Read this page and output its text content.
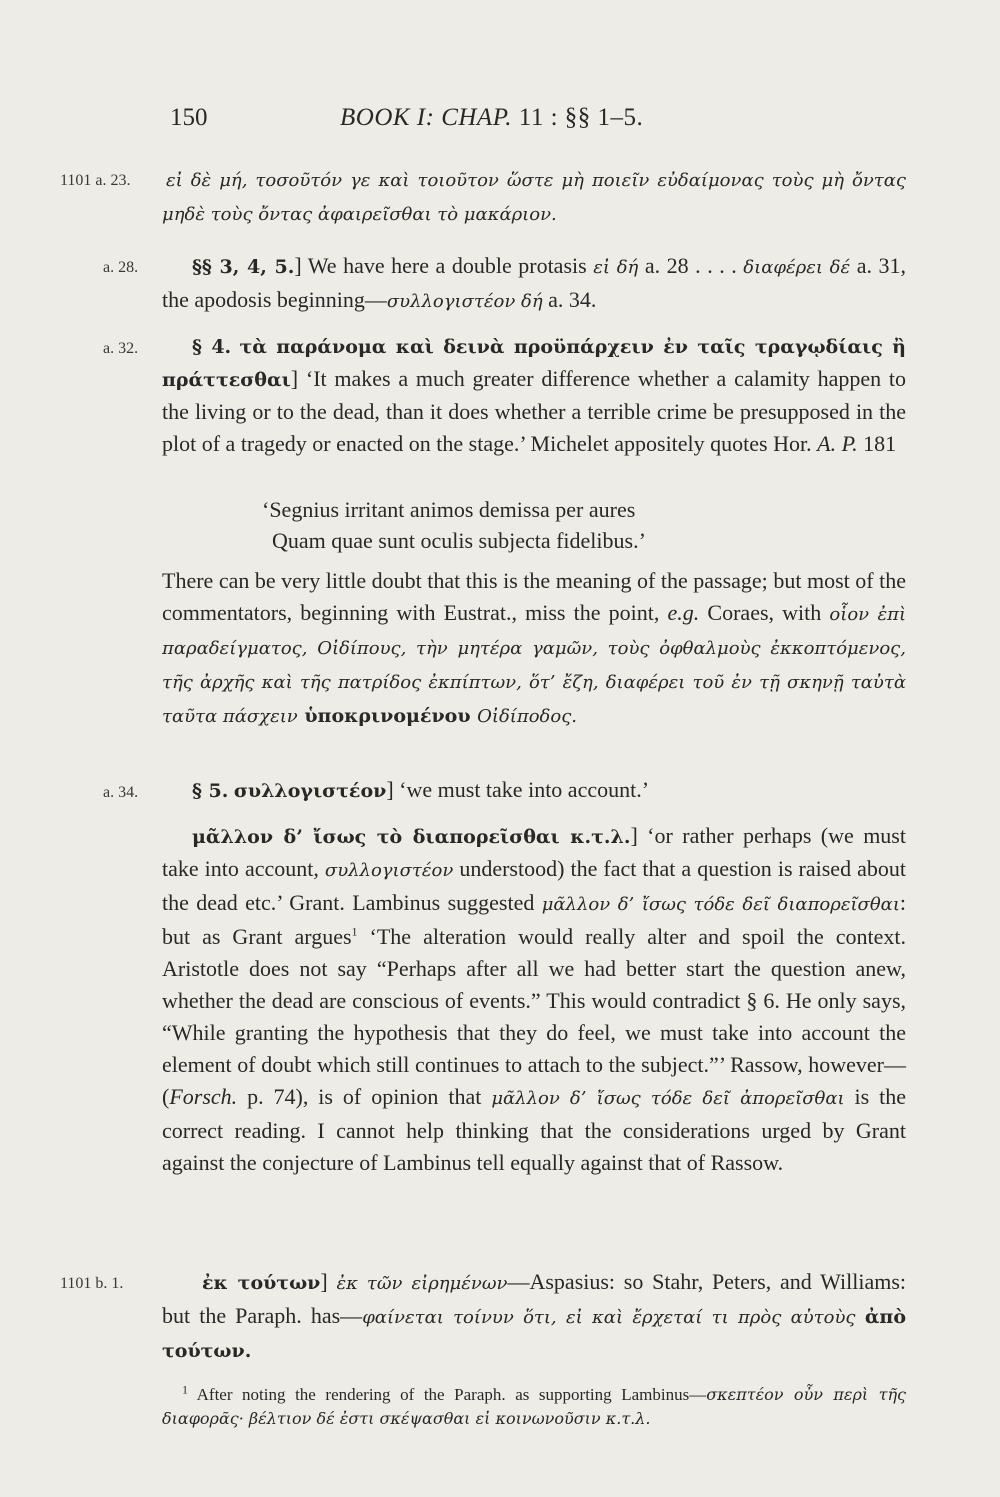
150	BOOK I: CHAP. 11 : §§ 1–5.
1101 a. 23. εἰ δὲ μή, τοσοῦτόν γε καὶ τοιοῦτον ὥστε μὴ ποιεῖν εὐδαίμονας τοὺς μὴ ὄντας μηδὲ τοὺς ὄντας ἀφαιρεῖσθαι τὸ μακάριον.
a. 28.	§§ 3, 4, 5.] We have here a double protasis εἰ δή a. 28 . . . . διαφέρει δέ a. 31, the apodosis beginning—συλλογιστέον δή a. 34.
a. 32.	§ 4. τὰ παράνομα καὶ δεινὰ προϋπάρχειν ἐν ταῖς τραγῳδίαις ἢ πράττεσθαι] ‘It makes a much greater difference whether a calamity happen to the living or to the dead, than it does whether a terrible crime be presupposed in the plot of a tragedy or enacted on the stage.’ Michelet appositely quotes Hor. A. P. 181
‘Segnius irritant animos demissa per aures
Quam quae sunt oculis subjecta fidelibus.’
There can be very little doubt that this is the meaning of the passage; but most of the commentators, beginning with Eustrat., miss the point, e.g. Coraes, with οἷον ἐπὶ παραδείγματος, Οἰδίπους, τὴν μητέρα γαμῶν, τοὺς ὀφθαλμοὺς ἐκκοπτόμενος, τῆς ἀρχῆς καὶ τῆς πατρίδος ἐκπίπτων, ὅτ’ ἔζη, διαφέρει τοῦ ἐν τῇ σκηνῇ ταὐτὰ ταῦτα πάσχειν ὑποκρινομένου Οἰδίποδος.
a. 34.	§ 5. συλλογιστέον] ‘we must take into account.’
μᾶλλον δ’ ἴσως τὸ διαπορεῖσθαι κ.τ.λ.] ‘or rather perhaps (we must take into account, συλλογιστέον understood) the fact that a question is raised about the dead etc.’ Grant. Lambinus suggested μᾶλλον δ’ ἴσως τόδε δεῖ διαπορεῖσθαι: but as Grant argues$^1$ ‘The alteration would really alter and spoil the context. Aristotle does not say “Perhaps after all we had better start the question anew, whether the dead are conscious of events.” This would contradict § 6. He only says, “While granting the hypothesis that they do feel, we must take into account the element of doubt which still continues to attach to the subject.”’ Rassow, however—(Forsch. p. 74), is of opinion that μᾶλλον δ’ ἴσως τόδε δεῖ ἀπορεῖσθαι is the correct reading. I cannot help thinking that the considerations urged by Grant against the conjecture of Lambinus tell equally against that of Rassow.
1101 b. 1.	ἐκ τούτων] ἐκ τῶν εἰρημένων—Aspasius: so Stahr, Peters, and Williams: but the Paraph. has—φαίνεται τοίνυν ὅτι, εἰ καὶ ἔρχεταί τι πρὸς αὐτοὺς ἀπὸ τούτων.
$^1$ After noting the rendering of the Paraph. as supporting Lambinus—σκεπτέον οὖν περὶ τῆς διαφορᾶς· βέλτιον δέ ἐστι σκέψασθαι εἰ κοινωνοῦσιν κ.τ.λ.
